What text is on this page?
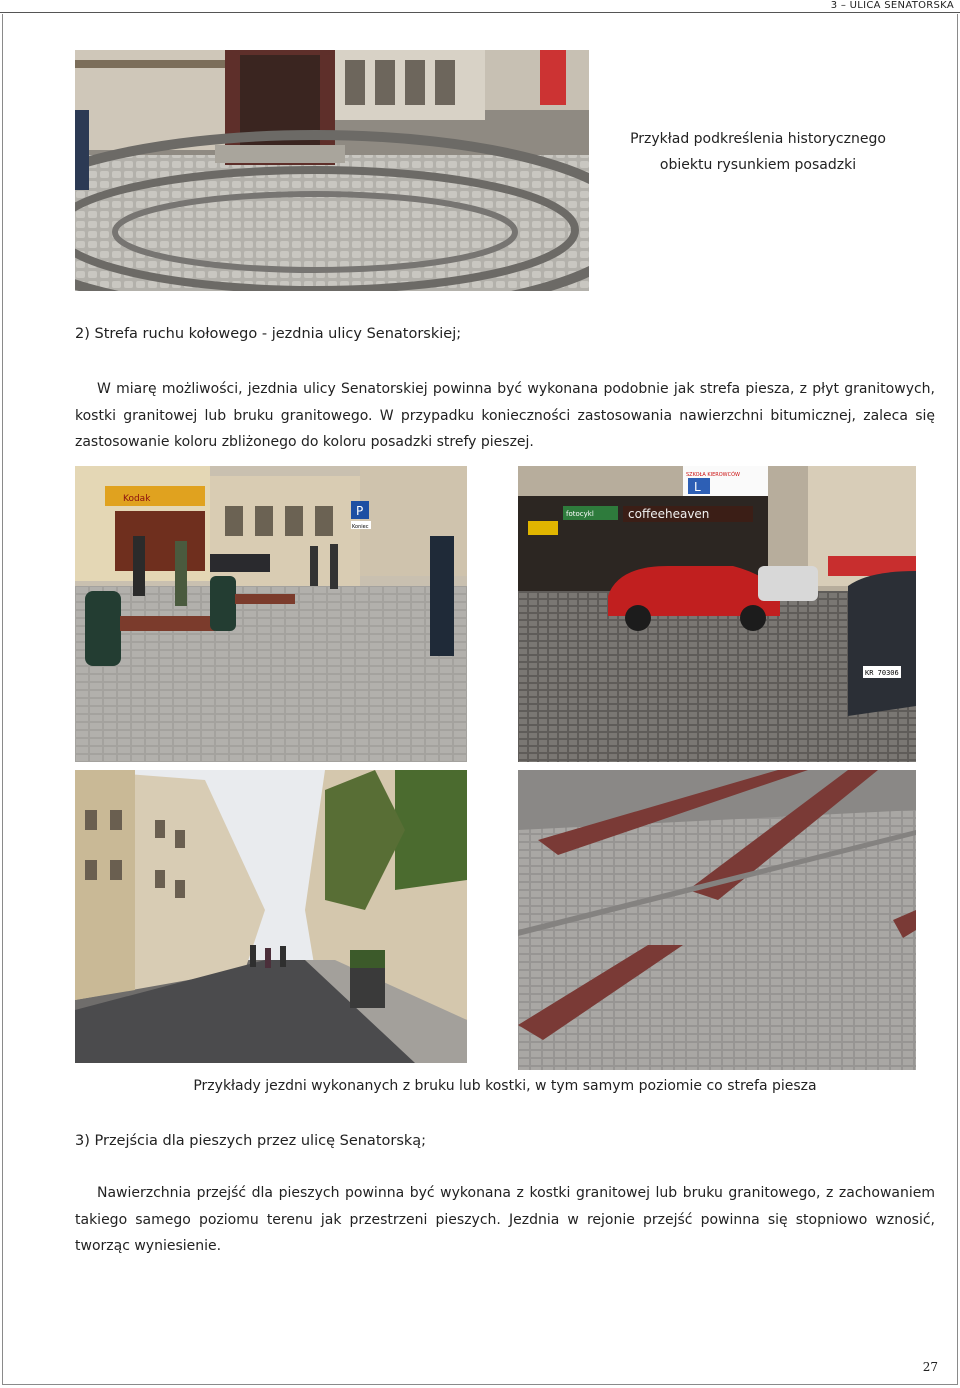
3 – ULICA SENATORSKA
Przykład podkreślenia historycznego
obiektu rysunkiem posadzki
2) Strefa ruchu kołowego - jezdnia ulicy Senatorskiej;
W miarę możliwości, jezdnia ulicy Senatorskiej powinna być wykonana podobnie jak strefa piesza, z płyt granitowych, kostki granitowej lub bruku granitowego. W przypadku konieczności zastosowania nawierzchni bitumicznej, zaleca się zastosowanie koloru zbliżonego do koloru posadzki strefy pieszej.
Kodak
P
Koniec
SZKOŁA KIEROWCÓW
L
coffeeheaven
fotocykl
KR 70306
Przykłady jezdni wykonanych z bruku lub kostki, w tym samym poziomie co strefa piesza
3) Przejścia dla pieszych przez ulicę Senatorską;
Nawierzchnia przejść dla pieszych powinna być wykonana z kostki granitowej lub bruku granitowego, z zachowaniem takiego samego poziomu terenu jak przestrzeni pieszych. Jezdnia w rejonie przejść powinna się stopniowo wznosić, tworząc wyniesienie.
27
